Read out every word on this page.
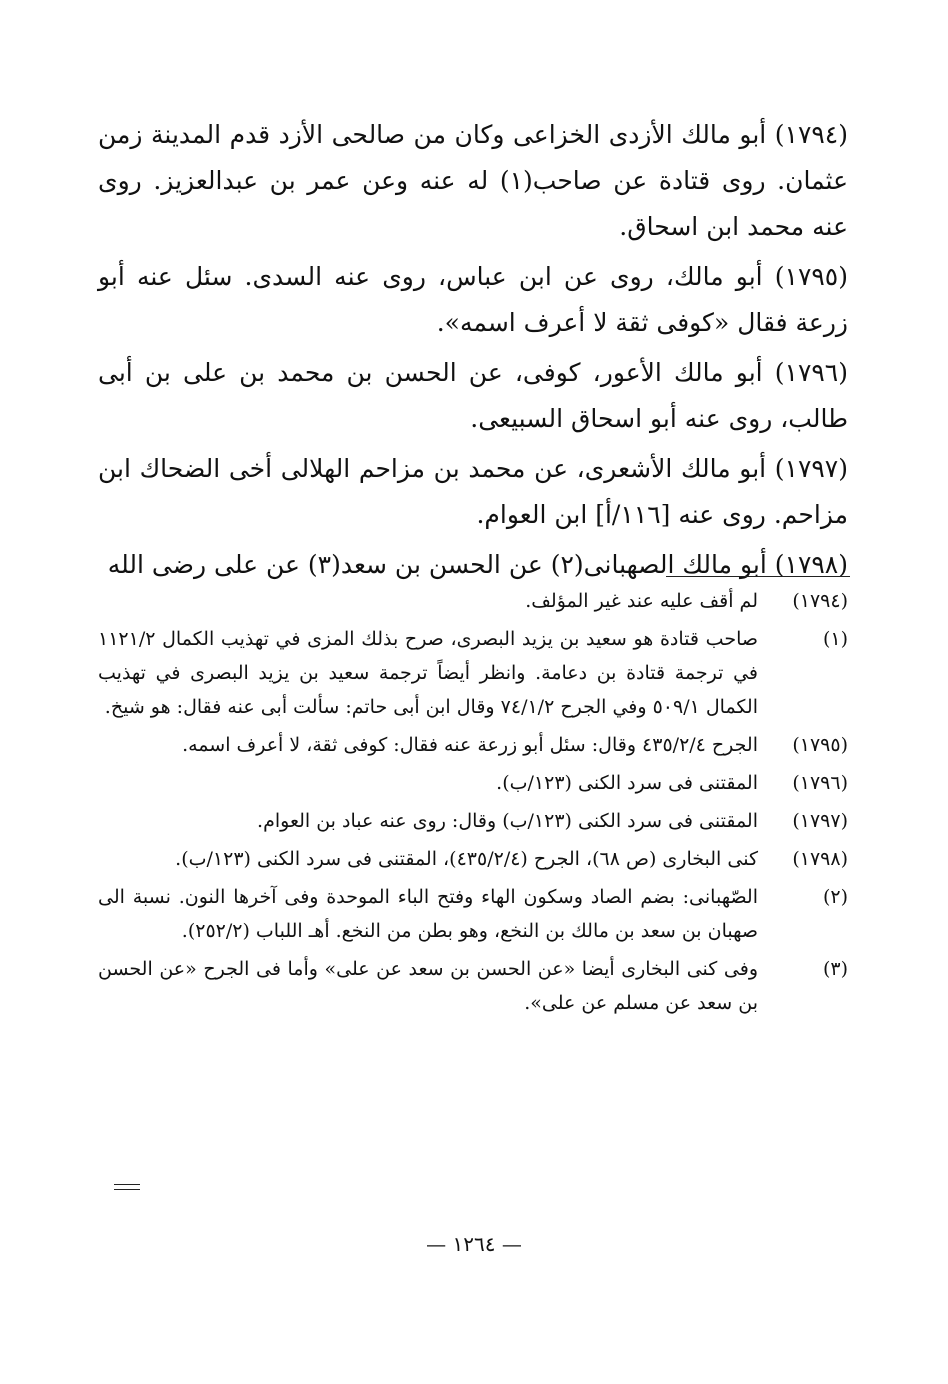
(١٧٩٤) أبو مالك الأزدى الخزاعى وكان من صالحى الأزد قدم المدينة زمن عثمان. روى قتادة عن صاحب(١) له عنه وعن عمر بن عبدالعزيز. روى عنه محمد ابن اسحاق.

(١٧٩٥) أبو مالك، روى عن ابن عباس، روى عنه السدى. سئل عنه أبو زرعة فقال «كوفى ثقة لا أعرف اسمه».

(١٧٩٦) أبو مالك الأعور، كوفى، عن الحسن بن محمد بن على بن أبى طالب، روى عنه أبو اسحاق السبيعى.

(١٧٩٧) أبو مالك الأشعرى، عن محمد بن مزاحم الهلالى أخى الضحاك ابن مزاحم. روى عنه [١١٦/أ] ابن العوام.

(١٧٩٨) أبو مالك الصهبانى(٢) عن الحسن بن سعد(٣) عن على رضى الله

(١٧٩٤)
لم أقف عليه عند غير المؤلف.
(١)
صاحب قتادة هو سعيد بن يزيد البصرى، صرح بذلك المزى في تهذيب الكمال ١١٢١/٢ في ترجمة قتادة بن دعامة. وانظر أيضاً ترجمة سعيد بن يزيد البصرى في تهذيب الكمال ٥٠٩/١ وفي الجرح ٧٤/١/٢ وقال ابن أبى حاتم: سألت أبى عنه فقال: هو شيخ.
(١٧٩٥)
الجرح ٤٣٥/٢/٤ وقال: سئل أبو زرعة عنه فقال: كوفى ثقة، لا أعرف اسمه.
(١٧٩٦)
المقتنى فى سرد الكنى (١٢٣/ب).
(١٧٩٧)
المقتنى فى سرد الكنى (١٢٣/ب) وقال: روى عنه عباد بن العوام.
(١٧٩٨)
كنى البخارى (ص ٦٨)، الجرح (٤٣٥/٢/٤)، المقتنى فى سرد الكنى (١٢٣/ب).
(٢)
الصّهبانى: بضم الصاد وسكون الهاء وفتح الباء الموحدة وفى آخرها النون. نسبة الى صهبان بن سعد بن مالك بن النخع، وهو بطن من النخع. أهـ اللباب (٢٥٢/٢).
(٣)
وفى كنى البخارى أيضا «عن الحسن بن سعد عن على» وأما فى الجرح «عن الحسن بن سعد عن مسلم عن على».
— ١٢٦٤ —
